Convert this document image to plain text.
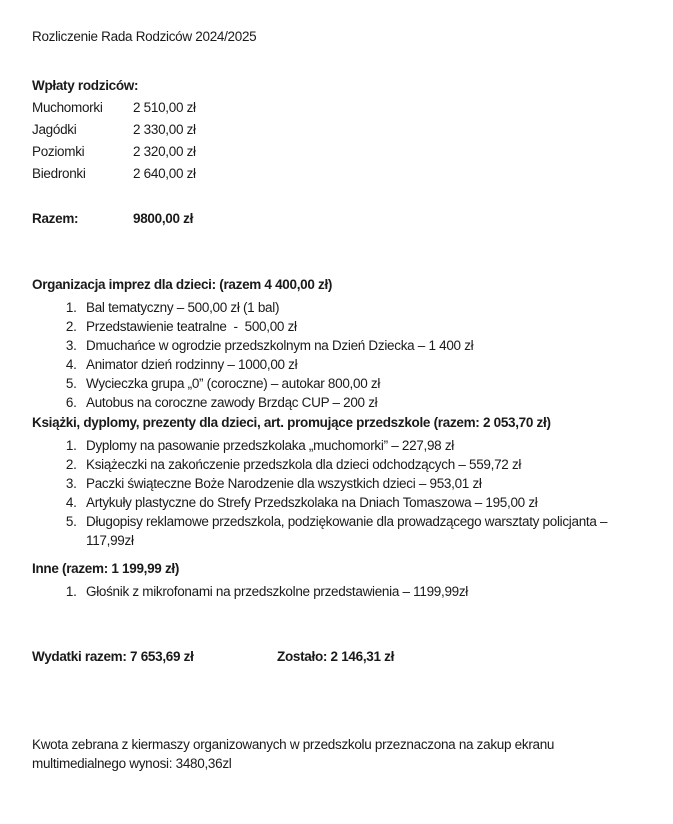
Rozliczenie Rada Rodziców 2024/2025

Wpłaty rodziców:
Muchomorki	2 510,00 zł
Jagódki	2 330,00 zł
Poziomki	2 320,00 zł
Biedronki	2 640,00 zł
Razem:	9800,00 zł

Organizacja imprez dla dzieci: (razem 4 400,00 zł)

1. Bal tematyczny – 500,00 zł (1 bal)
2. Przedstawienie teatralne  -  500,00 zł
3. Dmuchańce w ogrodzie przedszkolnym na Dzień Dziecka – 1 400 zł
4. Animator dzień rodzinny – 1000,00 zł
5. Wycieczka grupa „0” (coroczne) – autokar 800,00 zł
6. Autobus na coroczne zawody Brzdąc CUP – 200 zł

Książki, dyplomy, prezenty dla dzieci, art. promujące przedszkole (razem: 2 053,70 zł)

1. Dyplomy na pasowanie przedszkolaka „muchomorki” – 227,98 zł
2. Książeczki na zakończenie przedszkola dla dzieci odchodzących – 559,72 zł
3. Paczki świąteczne Boże Narodzenie dla wszystkich dzieci – 953,01 zł
4. Artykuły plastyczne do Strefy Przedszkolaka na Dniach Tomaszowa – 195,00 zł
5. Długopisy reklamowe przedszkola, podziękowanie dla prowadzącego warsztaty policjanta – 117,99zł

Inne (razem: 1 199,99 zł)

1. Głośnik z mikrofonami na przedszkolne przedstawienia – 1199,99zł
Wydatki razem: 7 653,69 zł	Zostało: 2 146,31 zł

Kwota zebrana z kiermaszy organizowanych w przedszkolu przeznaczona na zakup ekranu multimedialnego wynosi: 3480,36zl
